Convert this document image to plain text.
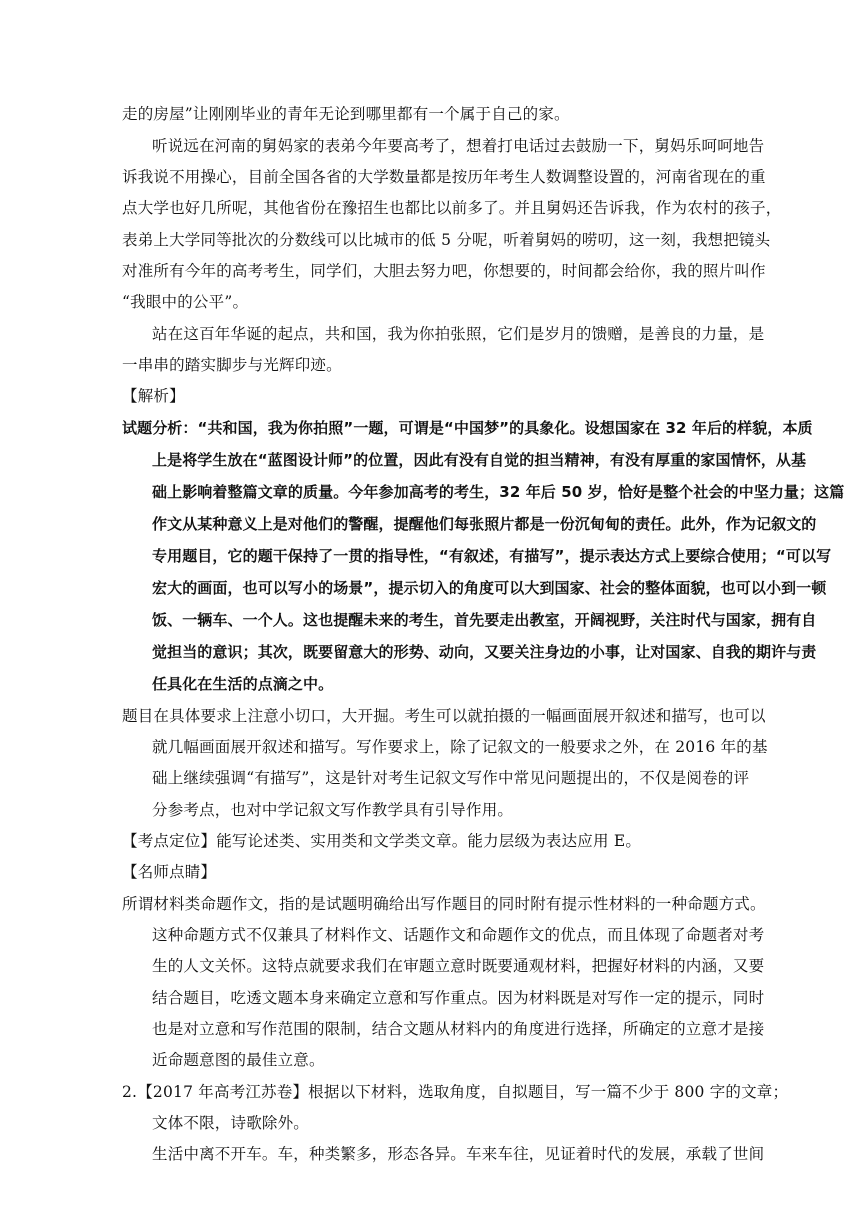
走的房屋”让刚刚毕业的青年无论到哪里都有一个属于自己的家。
听说远在河南的舅妈家的表弟今年要高考了，想着打电话过去鼓励一下，舅妈乐呵呵地告
诉我说不用操心，目前全国各省的大学数量都是按历年考生人数调整设置的，河南省现在的重
点大学也好几所呢，其他省份在豫招生也都比以前多了。并且舅妈还告诉我，作为农村的孩子，
表弟上大学同等批次的分数线可以比城市的低 5 分呢，听着舅妈的唠叨，这一刻，我想把镜头
对准所有今年的高考考生，同学们，大胆去努力吧，你想要的，时间都会给你，我的照片叫作
“我眼中的公平”。
站在这百年华诞的起点，共和国，我为你拍张照，它们是岁月的馈赠，是善良的力量，是
一串串的踏实脚步与光辉印迹。
【解析】
试题分析：“共和国，我为你拍照”一题，可谓是“中国梦”的具象化。设想国家在 32 年后的样貌，本质
上是将学生放在“蓝图设计师”的位置，因此有没有自觉的担当精神，有没有厚重的家国情怀，从基
础上影响着整篇文章的质量。今年参加高考的考生，32 年后 50 岁，恰好是整个社会的中坚力量；这篇
作文从某种意义上是对他们的警醒，提醒他们每张照片都是一份沉甸甸的责任。此外，作为记叙文的
专用题目，它的题干保持了一贯的指导性，“有叙述，有描写”，提示表达方式上要综合使用；“可以写
宏大的画面，也可以写小的场景”，提示切入的角度可以大到国家、社会的整体面貌，也可以小到一顿
饭、一辆车、一个人。这也提醒未来的考生，首先要走出教室，开阔视野，关注时代与国家，拥有自
觉担当的意识；其次，既要留意大的形势、动向，又要关注身边的小事，让对国家、自我的期许与责
任具化在生活的点滴之中。
题目在具体要求上注意小切口，大开掘。考生可以就拍摄的一幅画面展开叙述和描写，也可以
就几幅画面展开叙述和描写。写作要求上，除了记叙文的一般要求之外，在 2016 年的基
础上继续强调“有描写”，这是针对考生记叙文写作中常见问题提出的，不仅是阅卷的评
分参考点，也对中学记叙文写作教学具有引导作用。
【考点定位】能写论述类、实用类和文学类文章。能力层级为表达应用 E。
【名师点睛】
所谓材料类命题作文，指的是试题明确给出写作题目的同时附有提示性材料的一种命题方式。
这种命题方式不仅兼具了材料作文、话题作文和命题作文的优点，而且体现了命题者对考
生的人文关怀。这特点就要求我们在审题立意时既要通观材料，把握好材料的内涵，又要
结合题目，吃透文题本身来确定立意和写作重点。因为材料既是对写作一定的提示，同时
也是对立意和写作范围的限制，结合文题从材料内的角度进行选择，所确定的立意才是接
近命题意图的最佳立意。
2.【2017 年高考江苏卷】根据以下材料，选取角度，自拟题目，写一篇不少于 800 字的文章；
文体不限，诗歌除外。
生活中离不开车。车，种类繁多，形态各异。车来车往，见证着时代的发展，承载了世间
